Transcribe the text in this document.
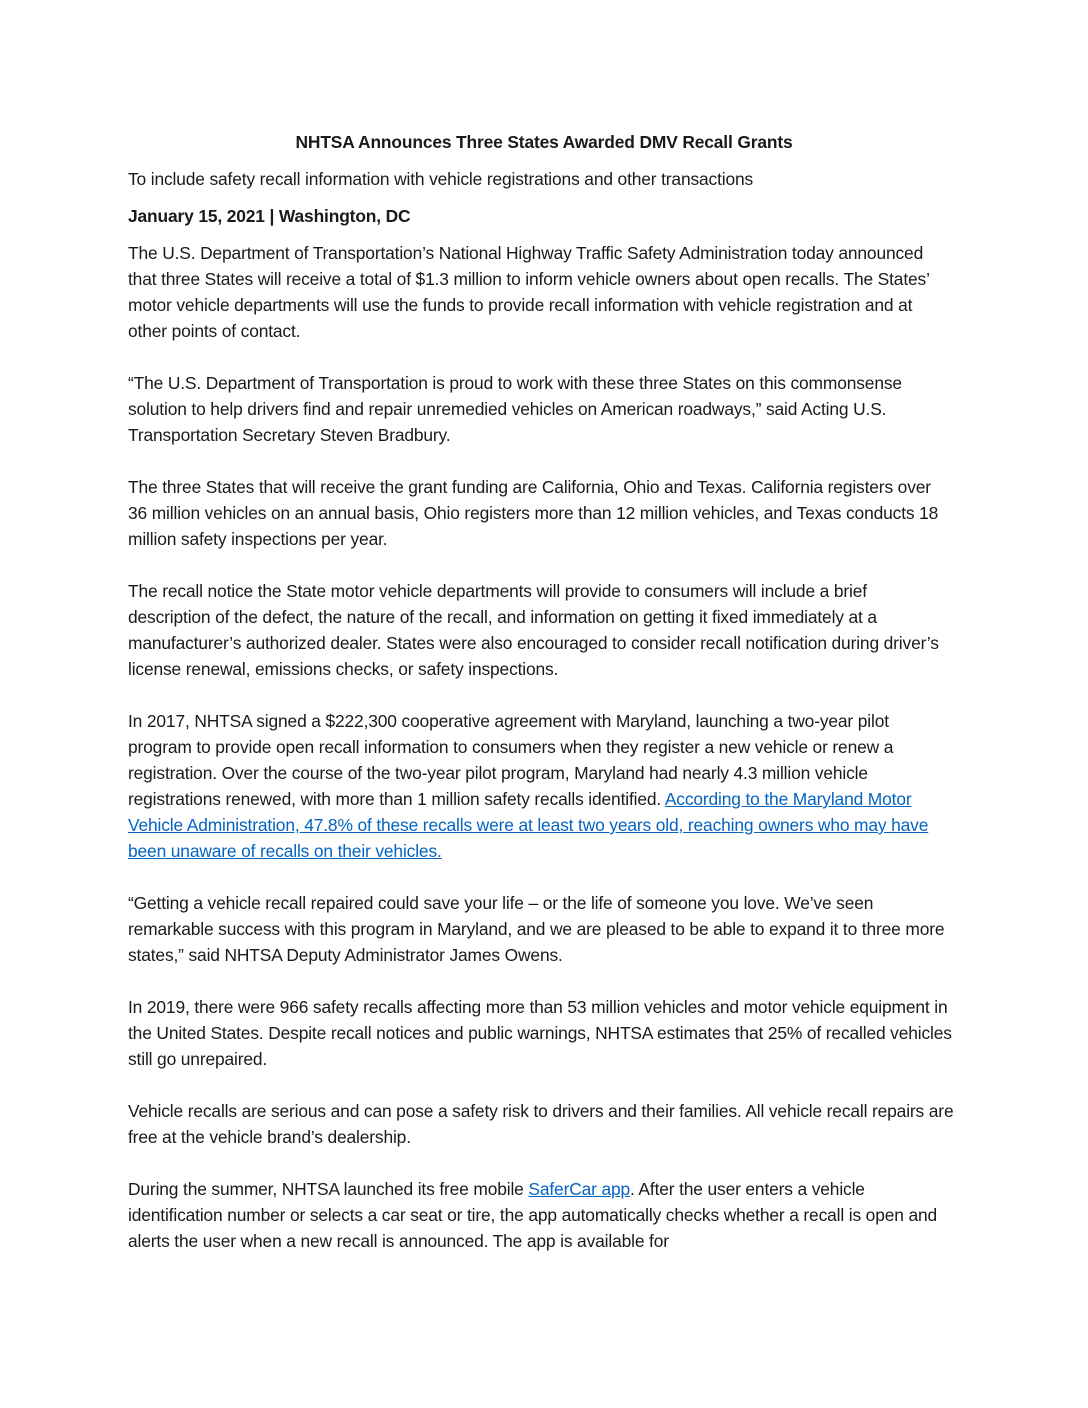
NHTSA Announces Three States Awarded DMV Recall Grants
To include safety recall information with vehicle registrations and other transactions
January 15, 2021 | Washington, DC

The U.S. Department of Transportation’s National Highway Traffic Safety Administration today announced that three States will receive a total of $1.3 million to inform vehicle owners about open recalls. The States’ motor vehicle departments will use the funds to provide recall information with vehicle registration and at other points of contact.

“The U.S. Department of Transportation is proud to work with these three States on this commonsense solution to help drivers find and repair unremedied vehicles on American roadways,” said Acting U.S. Transportation Secretary Steven Bradbury.

The three States that will receive the grant funding are California, Ohio and Texas. California registers over 36 million vehicles on an annual basis, Ohio registers more than 12 million vehicles, and Texas conducts 18 million safety inspections per year.

The recall notice the State motor vehicle departments will provide to consumers will include a brief description of the defect, the nature of the recall, and information on getting it fixed immediately at a manufacturer’s authorized dealer. States were also encouraged to consider recall notification during driver’s license renewal, emissions checks, or safety inspections.

In 2017, NHTSA signed a $222,300 cooperative agreement with Maryland, launching a two-year pilot program to provide open recall information to consumers when they register a new vehicle or renew a registration. Over the course of the two-year pilot program, Maryland had nearly 4.3 million vehicle registrations renewed, with more than 1 million safety recalls identified. According to the Maryland Motor Vehicle Administration, 47.8% of these recalls were at least two years old, reaching owners who may have been unaware of recalls on their vehicles.

“Getting a vehicle recall repaired could save your life – or the life of someone you love. We’ve seen remarkable success with this program in Maryland, and we are pleased to be able to expand it to three more states,” said NHTSA Deputy Administrator James Owens.

In 2019, there were 966 safety recalls affecting more than 53 million vehicles and motor vehicle equipment in the United States. Despite recall notices and public warnings, NHTSA estimates that 25% of recalled vehicles still go unrepaired.

Vehicle recalls are serious and can pose a safety risk to drivers and their families. All vehicle recall repairs are free at the vehicle brand’s dealership.

During the summer, NHTSA launched its free mobile SaferCar app. After the user enters a vehicle identification number or selects a car seat or tire, the app automatically checks whether a recall is open and alerts the user when a new recall is announced. The app is available for
